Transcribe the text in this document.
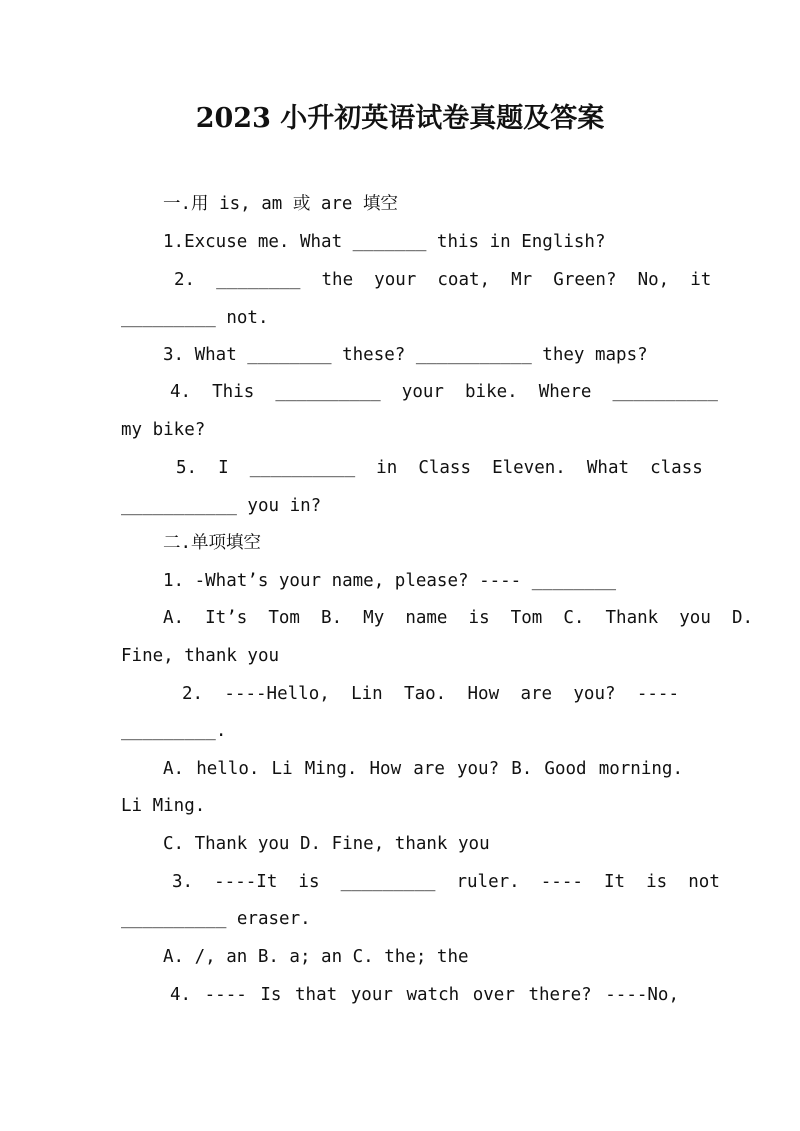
2023 小升初英语试卷真题及答案
一.用 is, am 或 are 填空
1.Excuse me. What _______ this in English?
2.  ________  the  your  coat,  Mr  Green?  No,  it
_________ not.
3. What ________ these? ___________ they maps?
4.  This  __________  your  bike.  Where  __________
my bike?
5.  I  __________  in  Class  Eleven.  What  class
___________ you in?
二.单项填空
1. -What’s your name, please? ---- ________
A.  It’s  Tom  B.  My  name  is  Tom  C.  Thank  you  D.
Fine, thank you
2.  ----Hello,  Lin  Tao.  How  are  you?  ----
_________.
A. hello. Li Ming. How are you? B. Good morning.
Li Ming.
C. Thank you D. Fine, thank you
3.  ----It  is  _________  ruler.  ----  It  is  not
__________ eraser.
A. /, an B. a; an C. the; the
4. ---- Is that your watch over there? ----No,
